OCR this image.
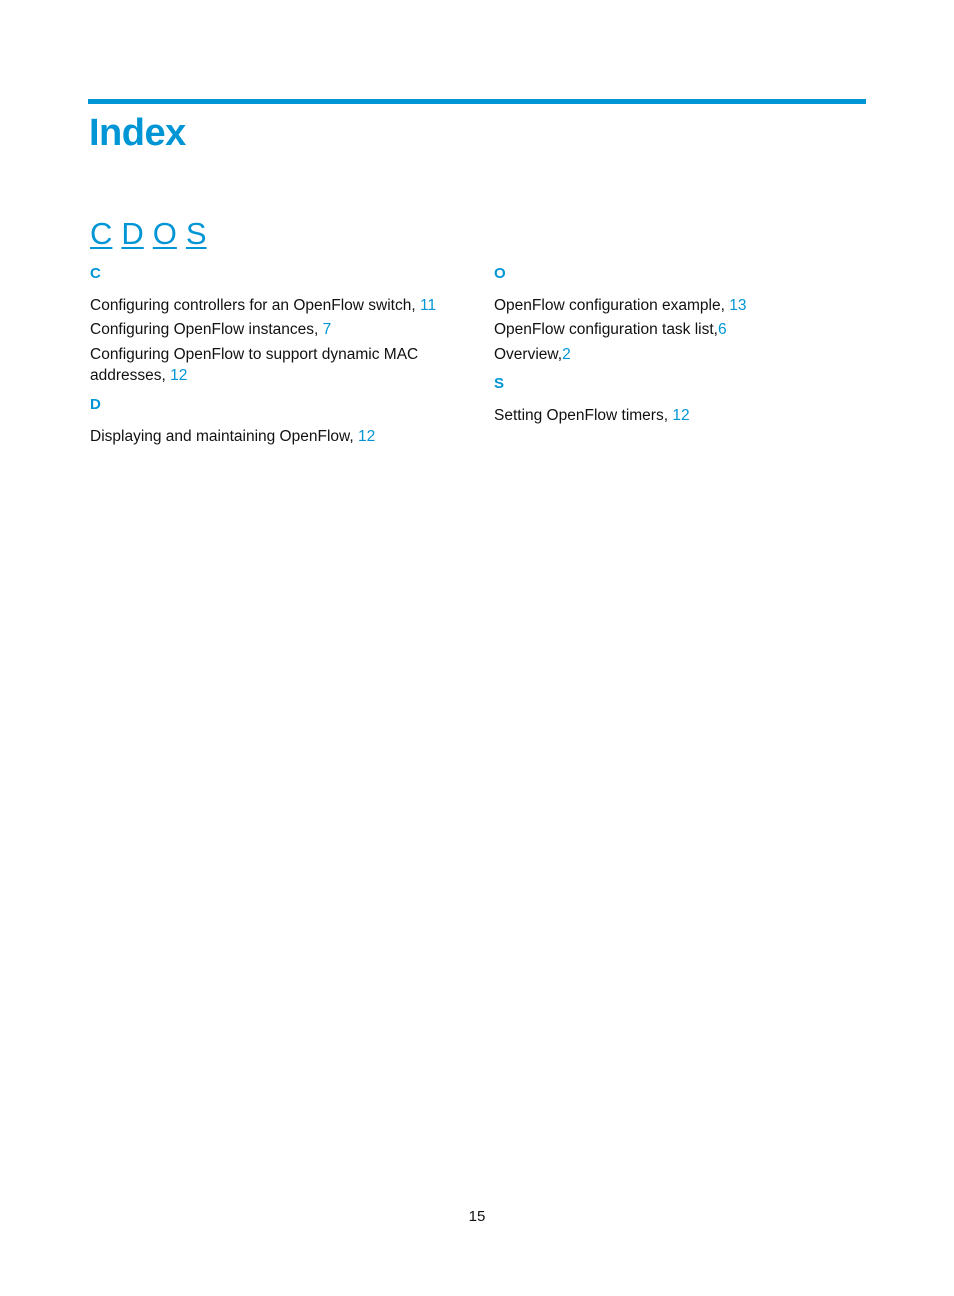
Index
C D O S
C
Configuring controllers for an OpenFlow switch, 11
Configuring OpenFlow instances, 7
Configuring OpenFlow to support dynamic MAC addresses, 12
D
Displaying and maintaining OpenFlow, 12
O
OpenFlow configuration example, 13
OpenFlow configuration task list,6
Overview,2
S
Setting OpenFlow timers, 12
15
